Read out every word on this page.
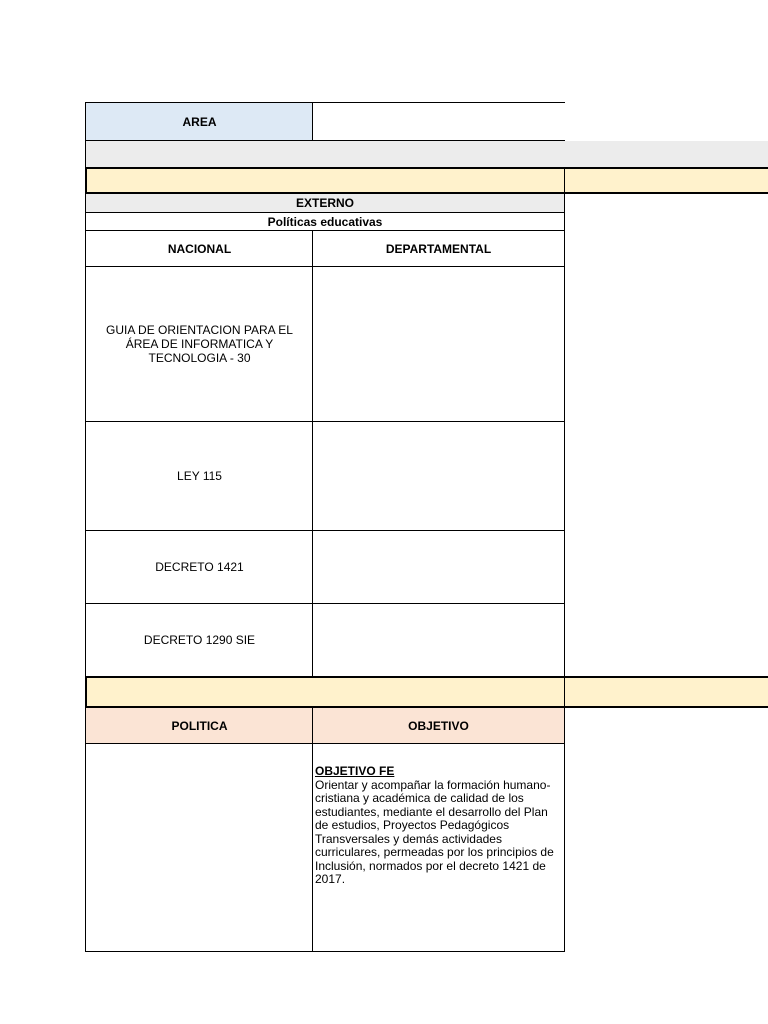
AREA
EXTERNO
Políticas educativas
NACIONAL	DEPARTAMENTAL
GUIA DE ORIENTACION PARA EL ÁREA DE INFORMATICA Y TECNOLOGIA - 30
LEY 115
DECRETO 1421
DECRETO 1290 SIE
POLITICA	OBJETIVO
OBJETIVO FE
Orientar y acompañar la formación humano-cristiana y académica de calidad de los estudiantes, mediante el desarrollo del Plan de estudios, Proyectos Pedagógicos Transversales y demás actividades curriculares, permeadas por los principios de Inclusión, normados por el decreto 1421 de 2017.
